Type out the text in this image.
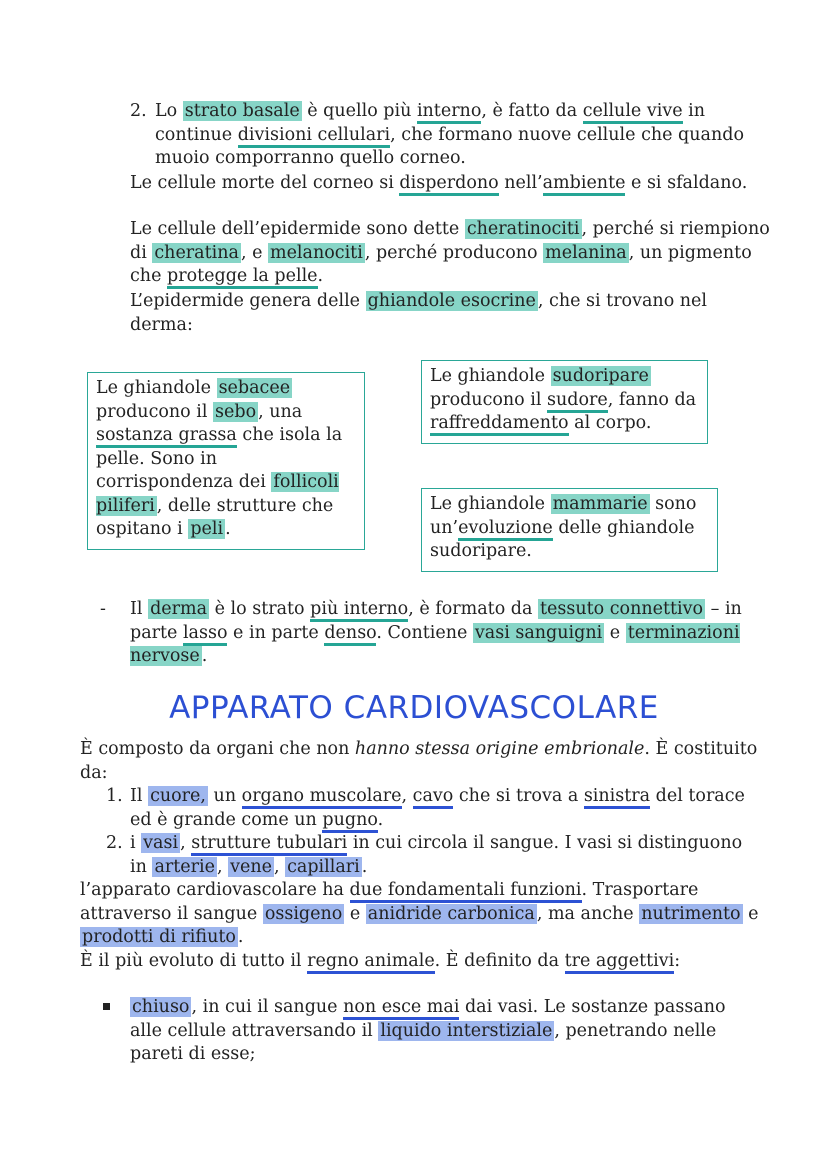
2. Lo strato basale è quello più interno, è fatto da cellule vive in continue divisioni cellulari, che formano nuove cellule che quando muoio comporranno quello corneo.
Le cellule morte del corneo si disperdono nell’ambiente e si sfaldano.
Le cellule dell’epidermide sono dette cheratinociti , perché si riempiono di cheratina , e melanociti , perché producono melanina , un pigmento che protegge la pelle.
L’epidermide genera delle ghiandole esocrine , che si trovano nel derma:
Le ghiandole sebacee producono il sebo , una sostanza grassa che isola la pelle. Sono in corrispondenza dei follicoli piliferi , delle strutture che ospitano i peli .
Le ghiandole sudoripare producono il sudore, fanno da raffreddamento al corpo.
Le ghiandole mammarie sono un’evoluzione delle ghiandole sudoripare.
- Il derma è lo strato più interno, è formato da tessuto connettivo – in parte lasso e in parte denso. Contiene vasi sanguigni e terminazioni nervose .
APPARATO CARDIOVASCOLARE
È composto da organi che non hanno stessa origine embrionale. È costituito da:
1. Il cuore, un organo muscolare, cavo che si trova a sinistra del torace ed è grande come un pugno.
2. i vasi , strutture tubulari in cui circola il sangue. I vasi si distinguono in arterie , vene , capillari .
l’apparato cardiovascolare ha due fondamentali funzioni. Trasportare attraverso il sangue ossigeno e anidride carbonica , ma anche nutrimento e prodotti di rifiuto .
È il più evoluto di tutto il regno animale. È definito da tre aggettivi:
chiuso , in cui il sangue non esce mai dai vasi. Le sostanze passano alle cellule attraversando il liquido interstiziale , penetrando nelle pareti di esse;
